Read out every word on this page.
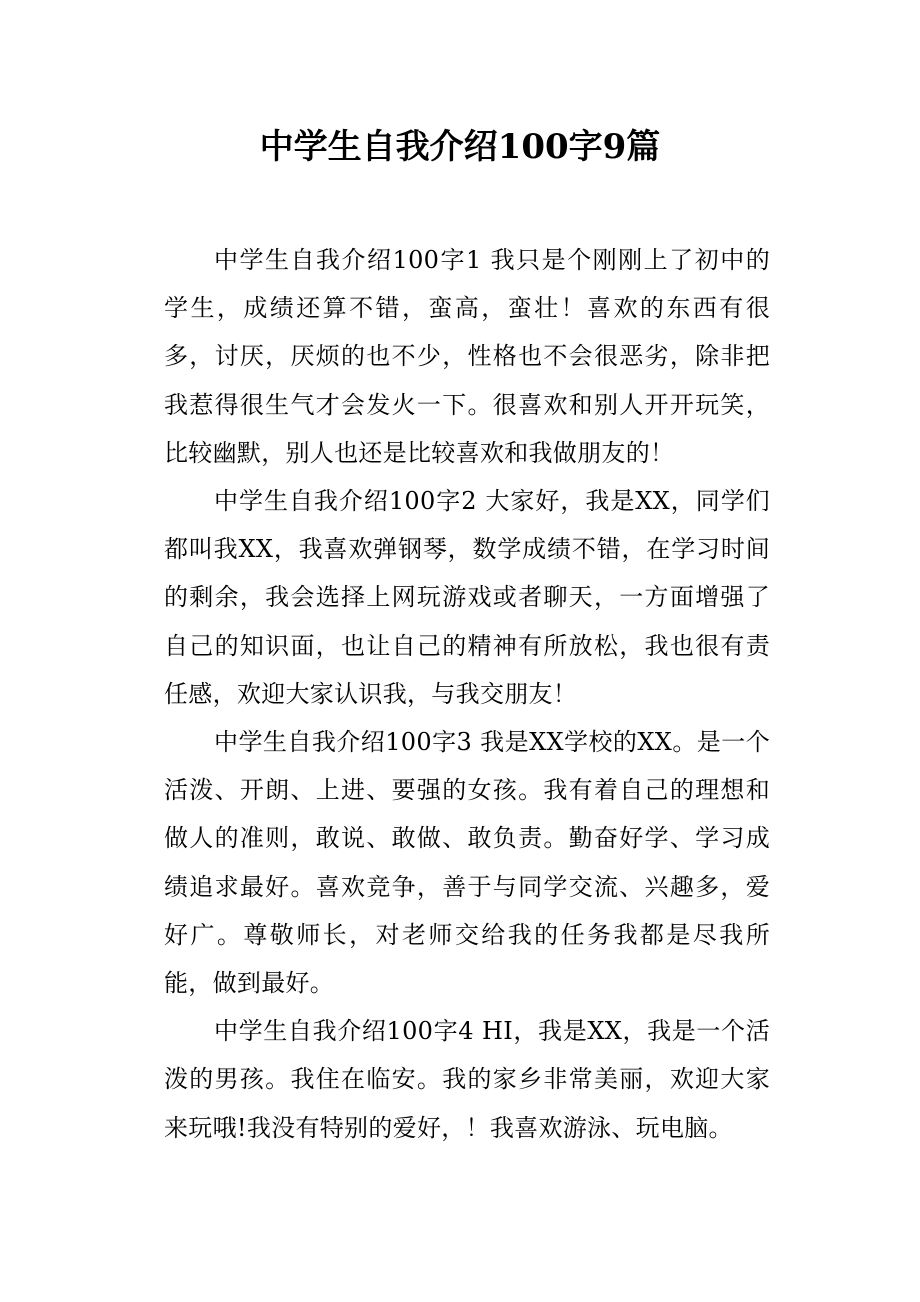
中学生自我介绍100字9篇

中学生自我介绍100字1 我只是个刚刚上了初中的学生，成绩还算不错，蛮高，蛮壮！喜欢的东西有很多，讨厌，厌烦的也不少，性格也不会很恶劣，除非把我惹得很生气才会发火一下。很喜欢和别人开开玩笑，比较幽默，别人也还是比较喜欢和我做朋友的！

中学生自我介绍100字2 大家好，我是XX，同学们都叫我XX，我喜欢弹钢琴，数学成绩不错，在学习时间的剩余，我会选择上网玩游戏或者聊天，一方面增强了自己的知识面，也让自己的精神有所放松，我也很有责任感，欢迎大家认识我，与我交朋友！

中学生自我介绍100字3 我是XX学校的XX。是一个活泼、开朗、上进、要强的女孩。我有着自己的理想和做人的准则，敢说、敢做、敢负责。勤奋好学、学习成绩追求最好。喜欢竞争，善于与同学交流、兴趣多，爱好广。尊敬师长，对老师交给我的任务我都是尽我所能，做到最好。

中学生自我介绍100字4 HI，我是XX，我是一个活泼的男孩。我住在临安。我的家乡非常美丽，欢迎大家来玩哦!我没有特别的爱好，！我喜欢游泳、玩电脑。
